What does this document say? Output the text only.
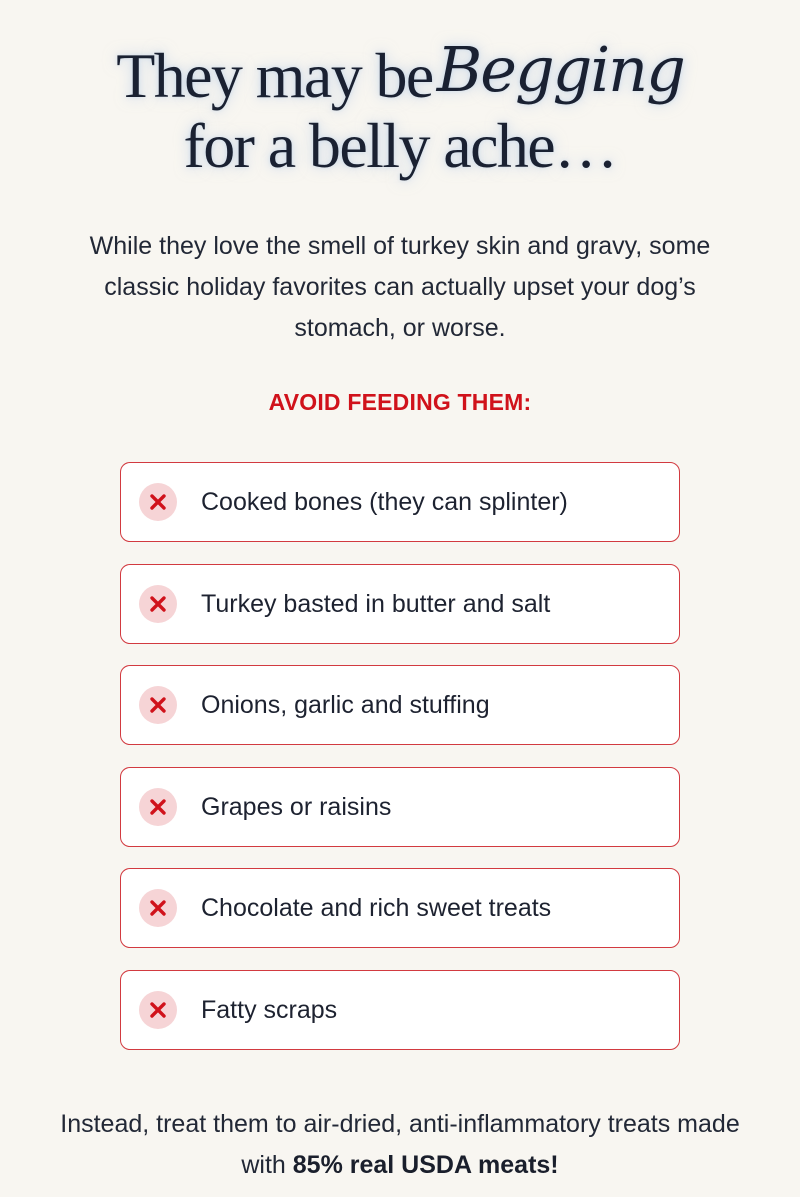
They may beBegging
for a belly ache…

While they love the smell of turkey skin and gravy, some classic holiday favorites can actually upset your dog’s stomach, or worse.

AVOID FEEDING THEM:
Cooked bones (they can splinter)
Turkey basted in butter and salt
Onions, garlic and stuffing
Grapes or raisins
Chocolate and rich sweet treats
Fatty scraps

Instead, treat them to air-dried, anti-inflammatory treats made with 85% real USDA meats!
